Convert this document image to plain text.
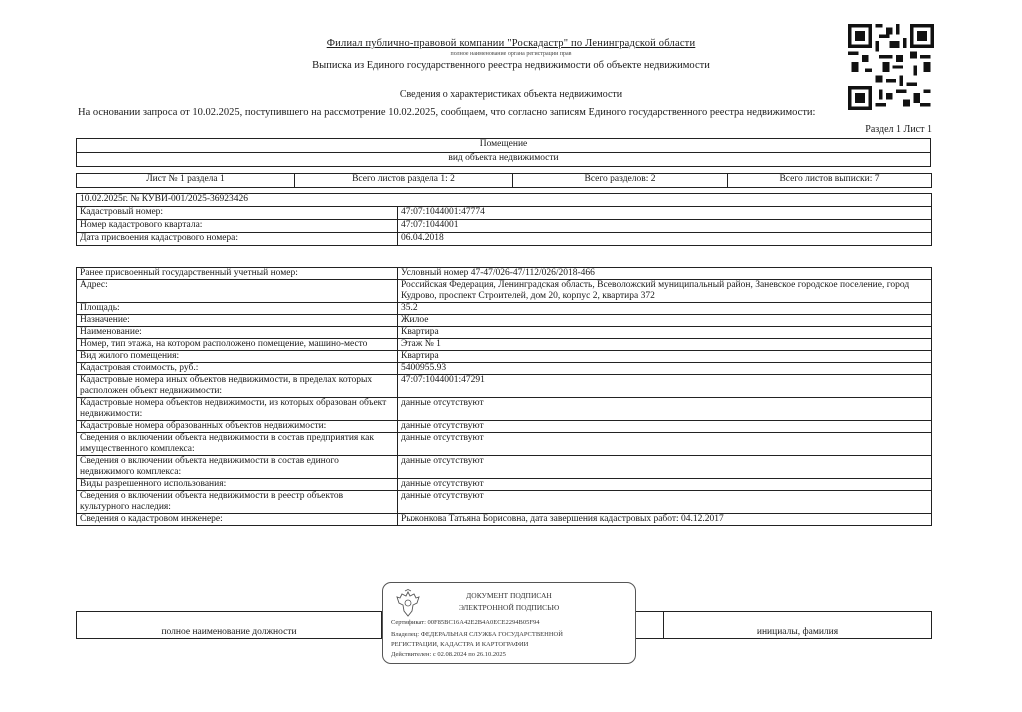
Филиал публично-правовой компании "Роскадастр" по Ленинградской области
полное наименование органа регистрации прав
Выписка из Единого государственного реестра недвижимости об объекте недвижимости
Сведения о характеристиках объекта недвижимости
На основании запроса от 10.02.2025, поступившего на рассмотрение 10.02.2025, сообщаем, что согласно записям Единого государственного реестра недвижимости:
Раздел 1 Лист 1
Помещение
вид объекта недвижимости
Лист № 1 раздела 1	Всего листов раздела 1: 2	Всего разделов: 2	Всего листов выписки: 7
10.02.2025г. № КУВИ-001/2025-36923426	
Кадастровый номер:	47:07:1044001:47774
Номер кадастрового квартала:	47:07:1044001
Дата присвоения кадастрового номера:	06.04.2018
Ранее присвоенный государственный учетный номер:	Условный номер 47-47/026-47/112/026/2018-466
Адрес:	Российская Федерация, Ленинградская область, Всеволожский муниципальный район, Заневское городское поселение, город Кудрово, проспект Строителей, дом 20, корпус 2, квартира 372
Площадь:	35.2
Назначение:	Жилое
Наименование:	Квартира
Номер, тип этажа, на котором расположено помещение, машино-место	Этаж № 1
Вид жилого помещения:	Квартира
Кадастровая стоимость, руб.:	5400955.93
Кадастровые номера иных объектов недвижимости, в пределах которых расположен объект недвижимости:	47:07:1044001:47291
Кадастровые номера объектов недвижимости, из которых образован объект недвижимости:	данные отсутствуют
Кадастровые номера образованных объектов недвижимости:	данные отсутствуют
Сведения о включении объекта недвижимости в состав предприятия как имущественного комплекса:	данные отсутствуют
Сведения о включении объекта недвижимости в состав единого недвижимого комплекса:	данные отсутствуют
Виды разрешенного использования:	данные отсутствуют
Сведения о включении объекта недвижимости в реестр объектов культурного наследия:	данные отсутствуют
Сведения о кадастровом инженере:	Рыжонкова Татьяна Борисовна, дата завершения кадастровых работ: 04.12.2017
полное наименование должности		инициалы, фамилия
ДОКУМЕНТ ПОДПИСАН
ЭЛЕКТРОННОЙ ПОДПИСЬЮ
Сертификат: 00F85BC16A42E2B4A0ECE2294B05F94
Владелец: ФЕДЕРАЛЬНАЯ СЛУЖБА ГОСУДАРСТВЕННОЙ
РЕГИСТРАЦИИ, КАДАСТРА И КАРТОГРАФИИ
Действителен: с 02.08.2024 по 26.10.2025
